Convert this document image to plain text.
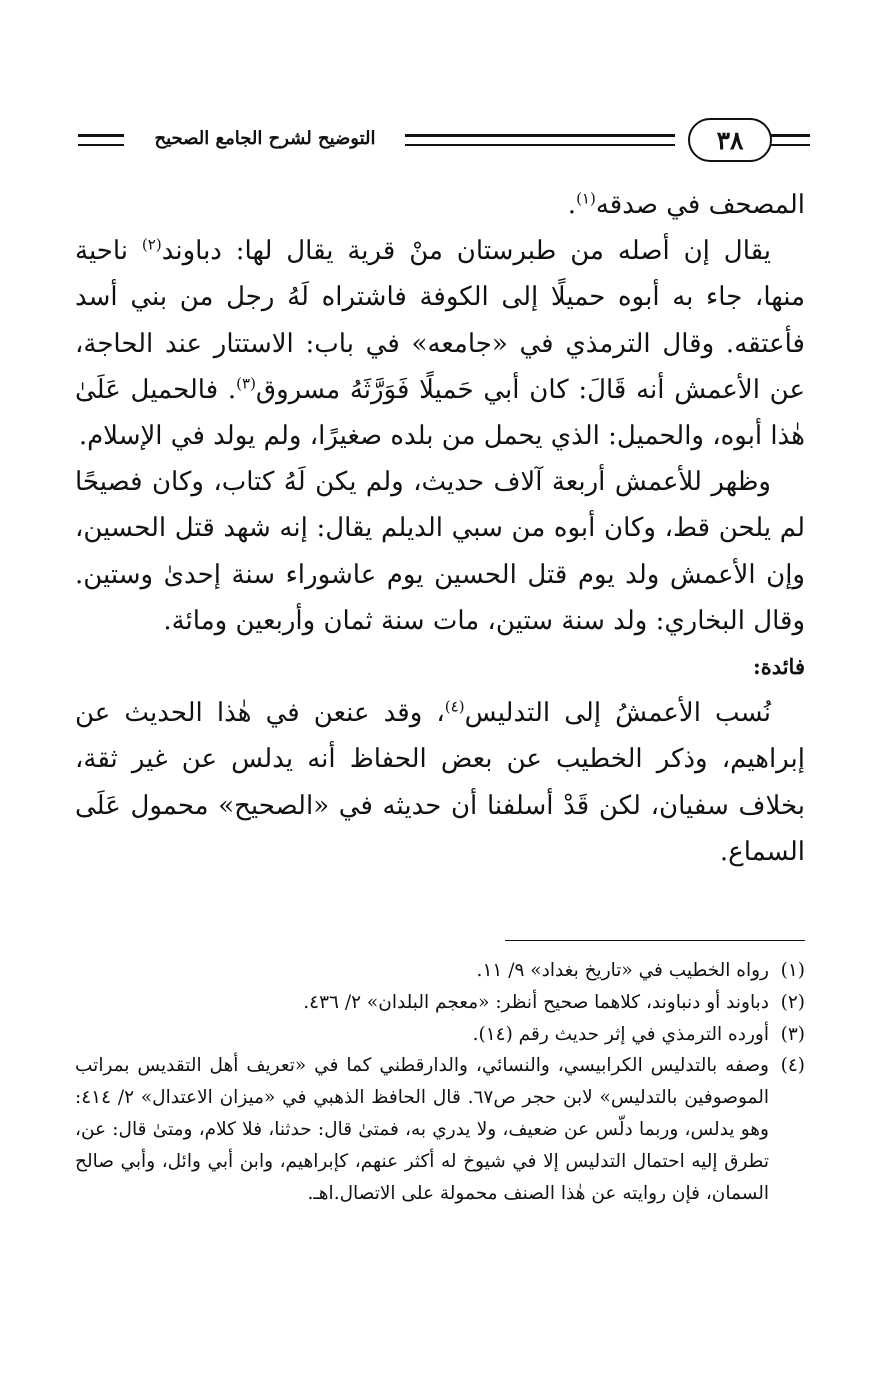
٣٨
التوضيح لشرح الجامع الصحيح

المصحف في صدقه$^{(١)}$.

يقال إن أصله من طبرستان منْ قرية يقال لها: دباوند$^{(٢)}$ ناحية منها، جاء به أبوه حميلًا إلى الكوفة فاشتراه لَهُ رجل من بني أسد فأعتقه. وقال الترمذي في «جامعه» في باب: الاستتار عند الحاجة، عن الأعمش أنه قَالَ: كان أبي حَميلًا فَوَرَّثَهُ مسروق$^{(٣)}$. فالحميل عَلَىٰ هٰذا أبوه، والحميل: الذي يحمل من بلده صغيرًا، ولم يولد في الإسلام.

وظهر للأعمش أربعة آلاف حديث، ولم يكن لَهُ كتاب، وكان فصيحًا لم يلحن قط، وكان أبوه من سبي الديلم يقال: إنه شهد قتل الحسين، وإن الأعمش ولد يوم قتل الحسين يوم عاشوراء سنة إحدىٰ وستين. وقال البخاري: ولد سنة ستين، مات سنة ثمان وأربعين ومائة.

فائدة:

نُسب الأعمشُ إلى التدليس$^{(٤)}$، وقد عنعن في هٰذا الحديث عن إبراهيم، وذكر الخطيب عن بعض الحفاظ أنه يدلس عن غير ثقة، بخلاف سفيان، لكن قَدْ أسلفنا أن حديثه في «الصحيح» محمول عَلَى السماع.

(١)
رواه الخطيب في «تاريخ بغداد» ٩/ ١١.
(٢)
دباوند أو دنباوند، كلاهما صحيح أنظر: «معجم البلدان» ٢/ ٤٣٦.
(٣)
أورده الترمذي في إثر حديث رقم (١٤).
(٤)
وصفه بالتدليس الكرابيسي، والنسائي، والدارقطني كما في «تعريف أهل التقديس بمراتب الموصوفين بالتدليس» لابن حجر ص٦٧. قال الحافظ الذهبي في «ميزان الاعتدال» ٢/ ٤١٤: وهو يدلس، وربما دلّس عن ضعيف، ولا يدري به، فمتىٰ قال: حدثنا، فلا كلام، ومتىٰ قال: عن، تطرق إليه احتمال التدليس إلا في شيوخ له أكثر عنهم، كإبراهيم، وابن أبي وائل، وأبي صالح السمان، فإن روايته عن هٰذا الصنف محمولة على الاتصال.اهـ.
